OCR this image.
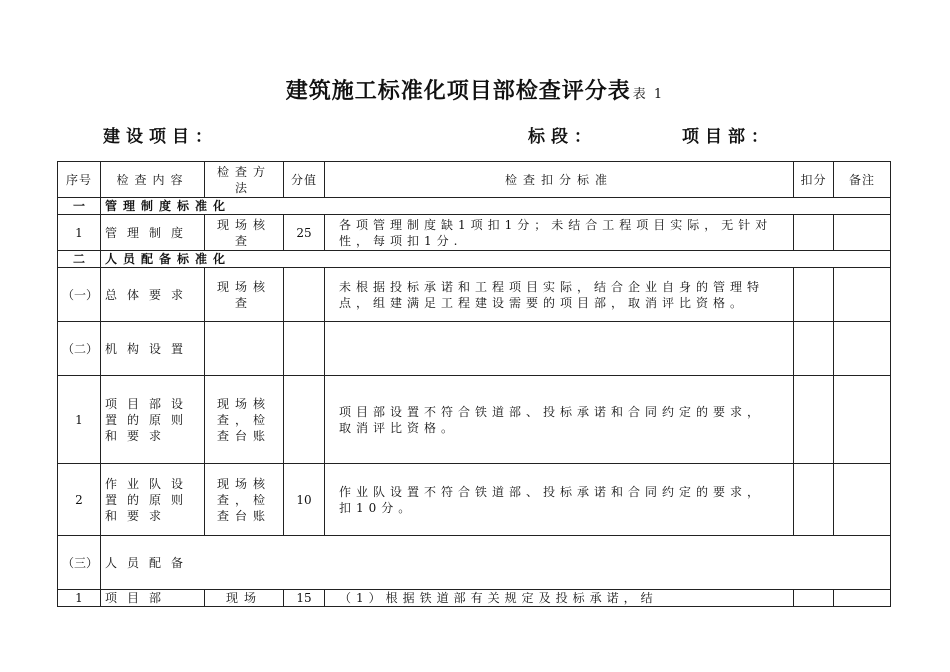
建筑施工标准化项目部检查评分表 表 1
建设项目：	标段：	项目部：
序号	检查内容	检查方法	分值	检查扣分标准	扣分	备注
一	管理制度标准化					
1	管理制度	现场核查	25	各项管理制度缺1项扣1分；未结合工程项目实际，无针对性，每项扣1分.		
二	人员配备标准化					
（一）	总体要求	现场核查		未根据投标承诺和工程项目实际，结合企业自身的管理特点，组建满足工程建设需要的项目部，取消评比资格。		
（二）	机构设置					
1	项目部设置的原则和要求	现场核查，检查台账		项目部设置不符合铁道部、投标承诺和合同约定的要求，取消评比资格。		
2	作业队设置的原则和要求	现场核查，检查台账	10	作业队设置不符合铁道部、投标承诺和合同约定的要求，扣10分。		
（三）	人员配备					
1	项目部	现场	15	（1）根据铁道部有关规定及投标承诺，结		
